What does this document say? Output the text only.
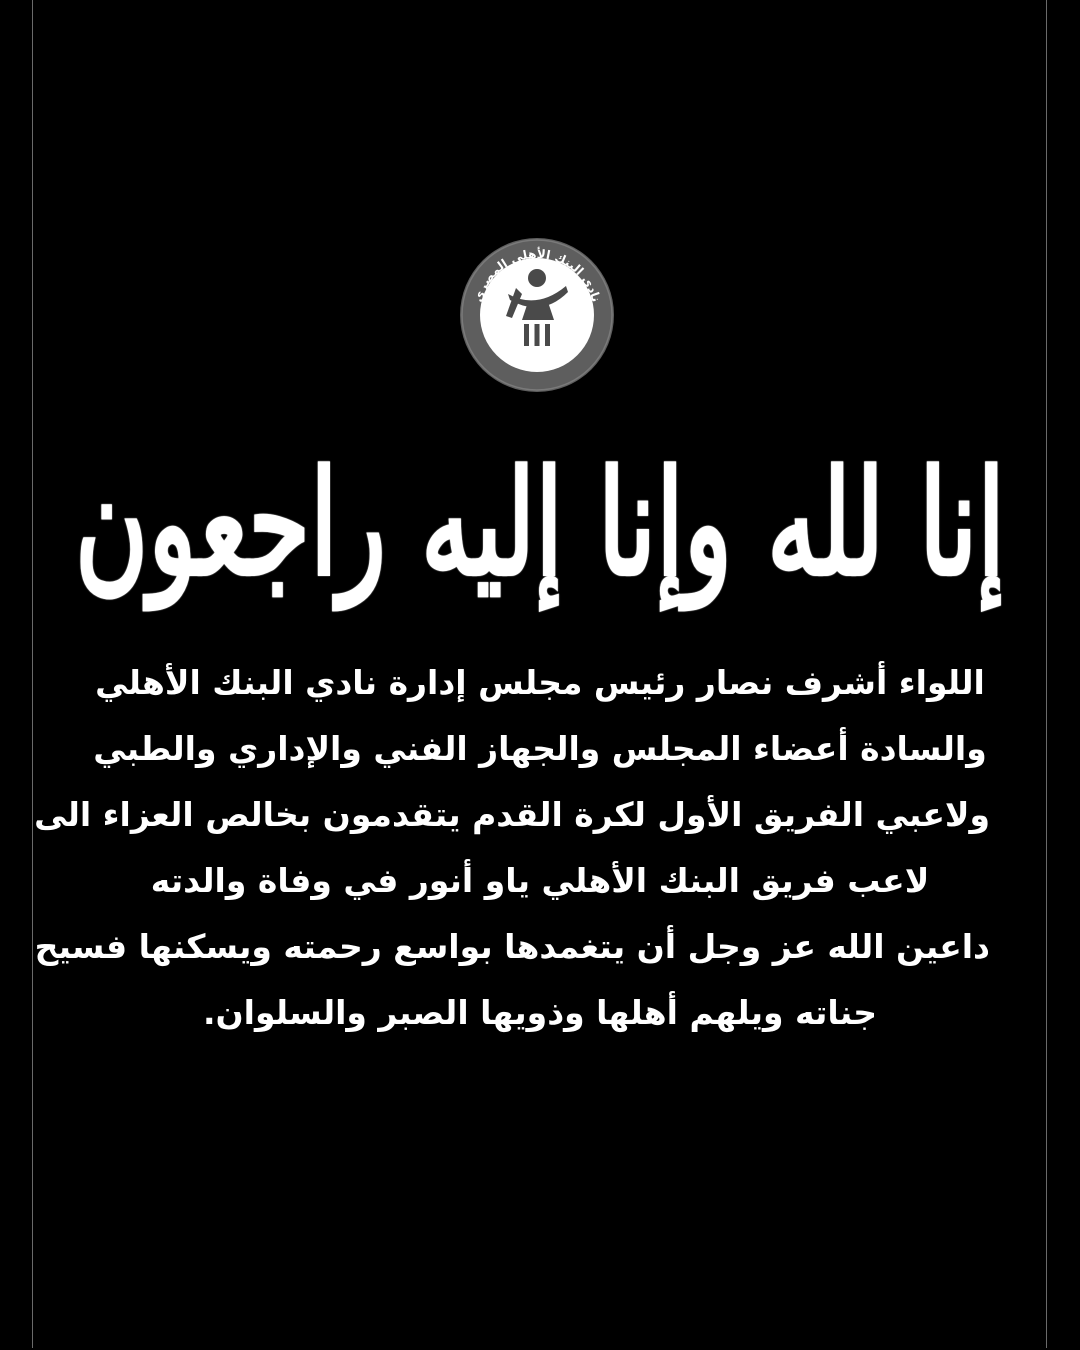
National Bank of Egypt Club
نادي البنك الأهلي المصري
إنا لله وإنا إليه راجعون
اللواء أشرف نصار رئيس مجلس إدارة نادي البنك الأهلي
والسادة أعضاء المجلس والجهاز الفني والإداري والطبي
ولاعبي الفريق الأول لكرة القدم يتقدمون بخالص العزاء الى
لاعب فريق البنك الأهلي ياو أنور في وفاة والدته
داعين الله عز وجل أن يتغمدها بواسع رحمته ويسكنها فسيح
جناته ويلهم أهلها وذويها الصبر والسلوان.
